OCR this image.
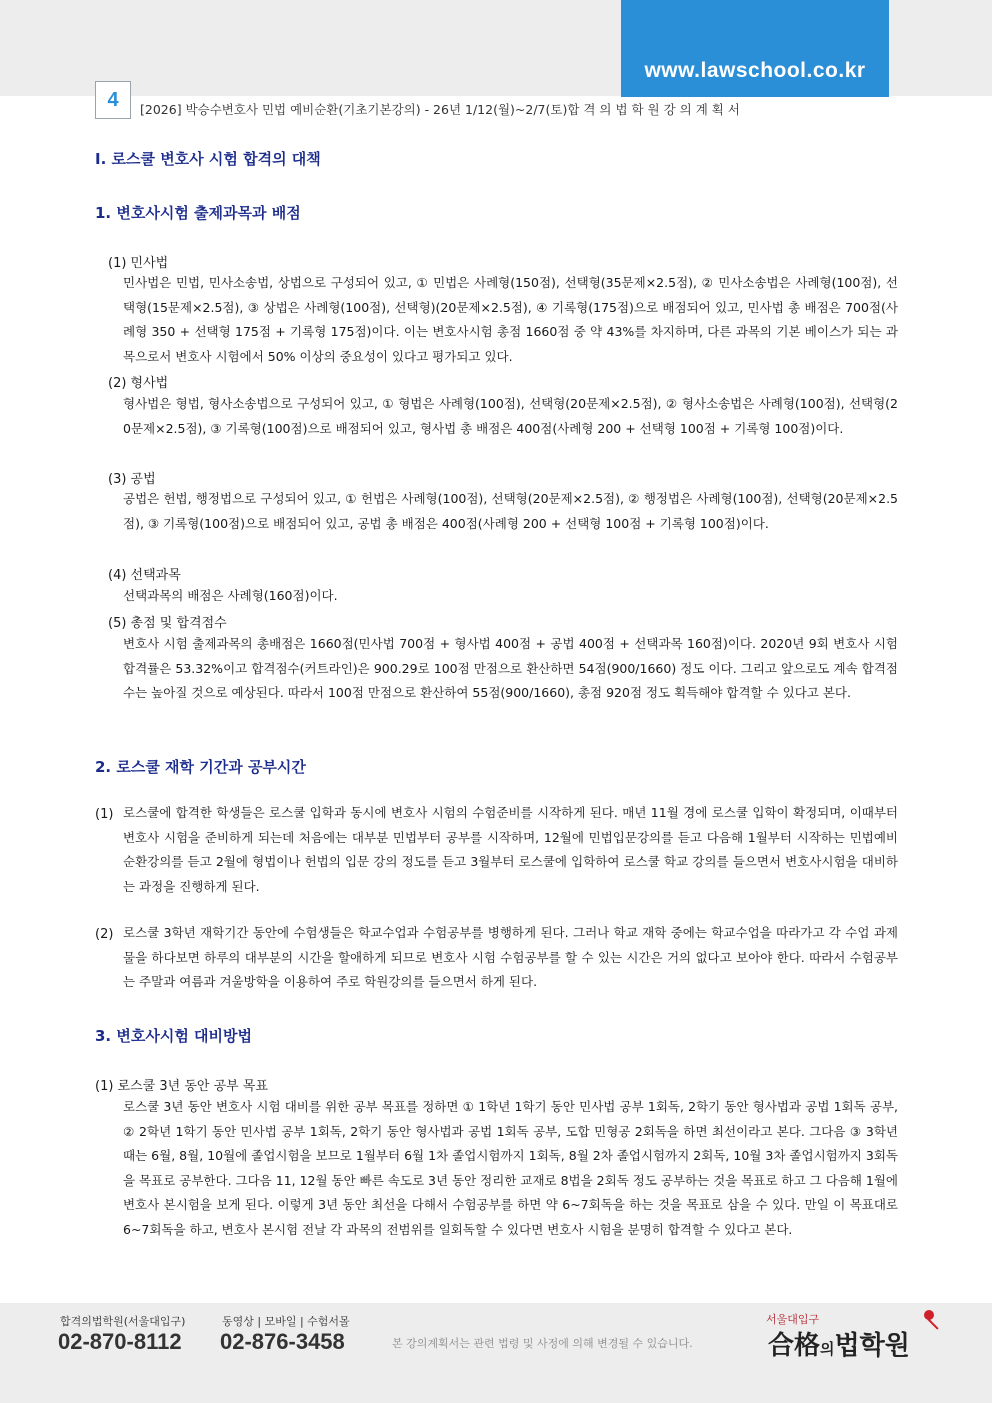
www.lawschool.co.kr
4	[2026] 박승수변호사 민법 예비순환(기초기본강의) - 26년 1/12(월)~2/7(토)합 격 의 법 학 원 강 의 계 획 서
Ⅰ. 로스쿨 변호사 시험 합격의 대책
1. 변호사시험 출제과목과 배점
(1) 민사법
민사법은 민법, 민사소송법, 상법으로 구성되어 있고, ① 민법은 사례형(150점), 선택형(35문제×2.5점), ② 민사소송법은 사례형(100점), 선택형(15문제×2.5점), ③ 상법은 사례형(100점), 선택형)(20문제×2.5점), ④ 기록형(175점)으로 배점되어 있고, 민사법 총 배점은 700점(사례형 350 + 선택형 175점 + 기록형 175점)이다. 이는 변호사시험 총점 1660점 중 약 43%를 차지하며, 다른 과목의 기본 베이스가 되는 과목으로서 변호사 시험에서 50% 이상의 중요성이 있다고 평가되고 있다.
(2) 형사법
형사법은 형법, 형사소송법으로 구성되어 있고, ① 형법은 사례형(100점), 선택형(20문제×2.5점), ② 형사소송법은 사례형(100점), 선택형(20문제×2.5점), ③ 기록형(100점)으로 배점되어 있고, 형사법 총 배점은 400점(사례형 200 + 선택형 100점 + 기록형 100점)이다.
(3) 공법
공법은 헌법, 행정법으로 구성되어 있고, ① 헌법은 사례형(100점), 선택형(20문제×2.5점), ② 행정법은 사례형(100점), 선택형(20문제×2.5점), ③ 기록형(100점)으로 배점되어 있고, 공법 총 배점은 400점(사례형 200 + 선택형 100점 + 기록형 100점)이다.
(4) 선택과목
선택과목의 배점은 사례형(160점)이다.
(5) 총점 및 합격점수
변호사 시험 출제과목의 총배점은 1660점(민사법 700점 + 형사법 400점 + 공법 400점 + 선택과목 160점)이다. 2020년 9회 변호사 시험 합격률은 53.32%이고 합격점수(커트라인)은 900.29로 100점 만점으로 환산하면 54점(900/1660) 정도 이다. 그리고 앞으로도 계속 합격점수는 높아질 것으로 예상된다. 따라서 100점 만점으로 환산하여 55점(900/1660), 총점 920점 정도 획득해야 합격할 수 있다고 본다.
2. 로스쿨 재학 기간과 공부시간
(1) 로스쿨에 합격한 학생들은 로스쿨 입학과 동시에 변호사 시험의 수험준비를 시작하게 된다. 매년 11월 경에 로스쿨 입학이 확정되며, 이때부터 변호사 시험을 준비하게 되는데 처음에는 대부분 민법부터 공부를 시작하며, 12월에 민법입문강의를 듣고 다음해 1월부터 시작하는 민법예비순환강의를 듣고 2월에 형법이나 헌법의 입문 강의 정도를 듣고 3월부터 로스쿨에 입학하여 로스쿨 학교 강의를 들으면서 변호사시험을 대비하는 과정을 진행하게 된다.
(2) 로스쿨 3학년 재학기간 동안에 수험생들은 학교수업과 수험공부를 병행하게 된다. 그러나 학교 재학 중에는 학교수업을 따라가고 각 수업 과제물을 하다보면 하루의 대부분의 시간을 할애하게 되므로 변호사 시험 수험공부를 할 수 있는 시간은 거의 없다고 보아야 한다. 따라서 수험공부는 주말과 여름과 겨울방학을 이용하여 주로 학원강의를 들으면서 하게 된다.
3. 변호사시험 대비방법
(1) 로스쿨 3년 동안 공부 목표
로스쿨 3년 동안 변호사 시험 대비를 위한 공부 목표를 정하면 ① 1학년 1학기 동안 민사법 공부 1회독, 2학기 동안 형사법과 공법 1회독 공부, ② 2학년 1학기 동안 민사법 공부 1회독, 2학기 동안 형사법과 공법 1회독 공부, 도합 민형공 2회독을 하면 최선이라고 본다. 그다음 ③ 3학년때는 6월, 8월, 10월에 졸업시험을 보므로 1월부터 6월 1차 졸업시험까지 1회독, 8월 2차 졸업시험까지 2회독, 10월 3차 졸업시험까지 3회독을 목표로 공부한다. 그다음 11, 12월 동안 빠른 속도로 3년 동안 정리한 교재로 8법을 2회독 정도 공부하는 것을 목표로 하고 그 다음해 1월에 변호사 본시험을 보게 된다. 이렇게 3년 동안 최선을 다해서 수험공부를 하면 약 6~7회독을 하는 것을 목표로 삼을 수 있다. 만일 이 목표대로 6~7회독을 하고, 변호사 본시험 전날 각 과목의 전범위를 일회독할 수 있다면 변호사 시험을 분명히 합격할 수 있다고 본다.
합격의법학원(서울대입구)
02-870-8112
동영상 | 모바일 | 수험서몰
02-876-3458	본 강의계획서는 관련 법령 및 사정에 의해 변경될 수 있습니다.
서울대입구
合格의법학원
